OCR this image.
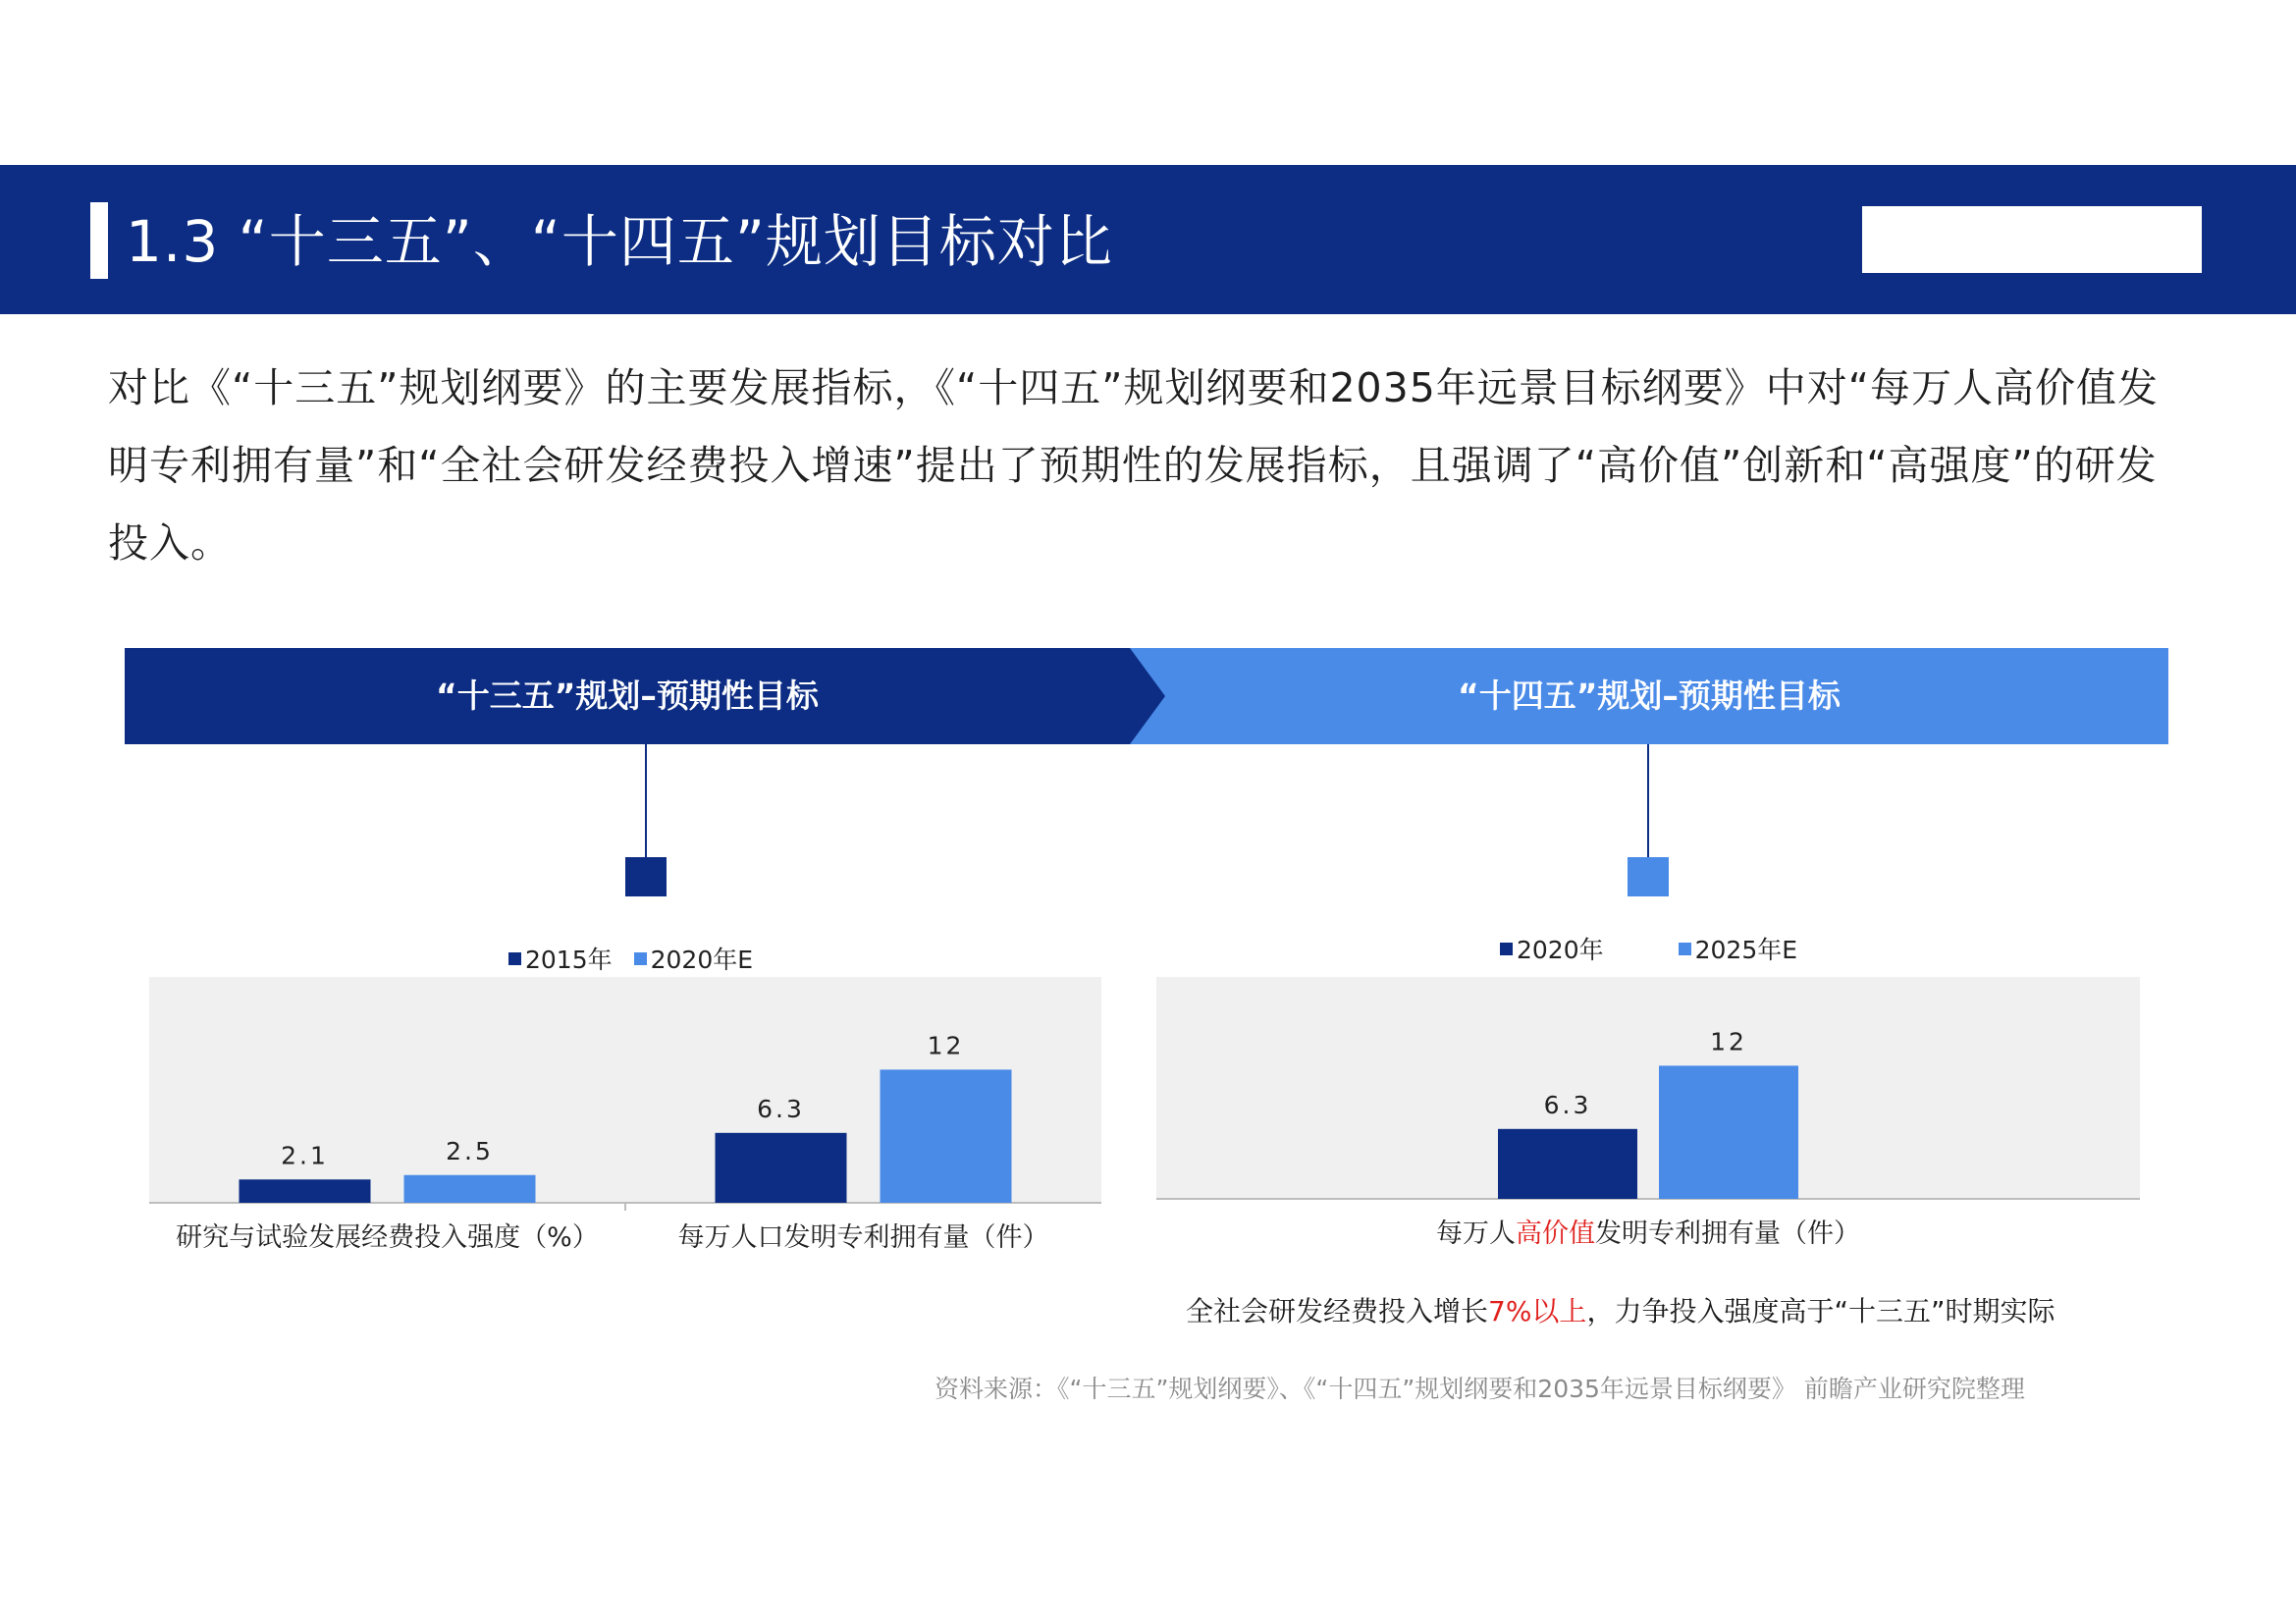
1.3 “十三五”、“十四五”规划目标对比
对比《“十三五”规划纲要》的主要发展指标，《“十四五”规划纲要和2035年远景目标纲要》中对“每万人高价值发明专利拥有量”和“全社会研发经费投入增速”提出了预期性的发展指标，且强调了“高价值”创新和“高强度”的研发投入。
“十三五”规划–预期性目标	“十四五”规划–预期性目标
2015年 2020年E	2020年	2025年E
2.1	2.5
研究与试验发展经费投入强度（%）
6.3
12
每万人口发明专利拥有量（件）
6.3
12
每万人高价值发明专利拥有量（件）
全社会研发经费投入增长7%以上，力争投入强度高于“十三五”时期实际
资料来源：《“十三五”规划纲要》、《“十四五”规划纲要和2035年远景目标纲要》 前瞻产业研究院整理
